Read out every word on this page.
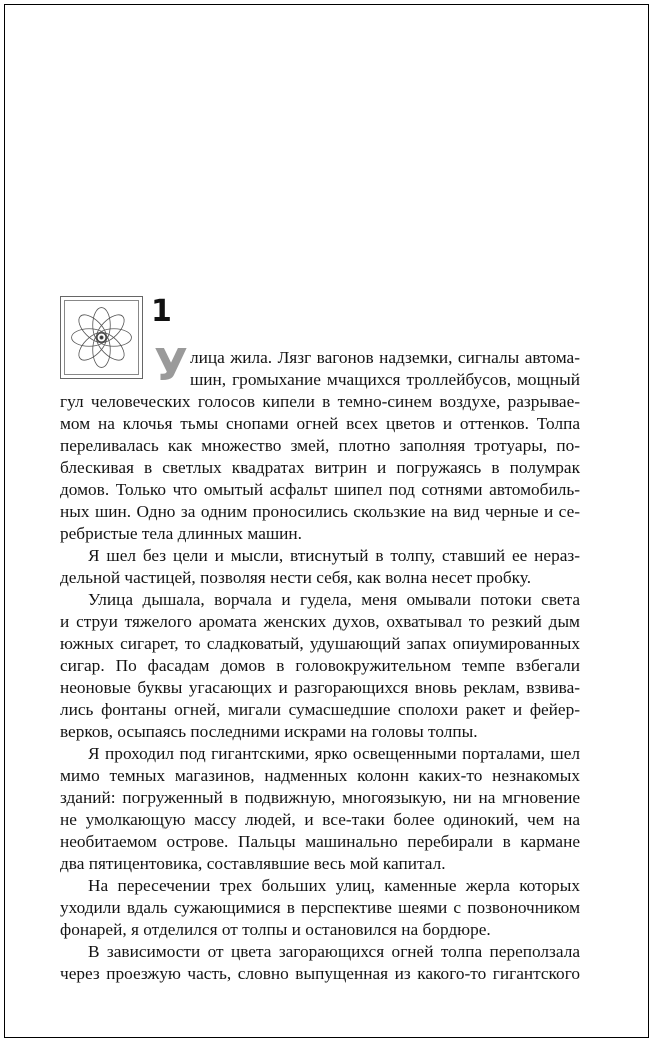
1
У лица жила. Лязг вагонов надземки, сигналы автома-
шин, громыхание мчащихся троллейбусов, мощный
гул человеческих голосов кипели в темно-синем воздухе, разрывае-
мом на клочья тьмы снопами огней всех цветов и оттенков. Толпа
переливалась как множество змей, плотно заполняя тротуары, по-
блескивая в светлых квадратах витрин и погружаясь в полумрак
домов. Только что омытый асфальт шипел под сотнями автомобиль-
ных шин. Одно за одним проносились скользкие на вид черные и се-
ребристые тела длинных машин.
Я шел без цели и мысли, втиснутый в толпу, ставший ее нерaз-
дельной частицей, позволяя нести себя, как волна несет пробку.
Улица дышала, ворчала и гудела, меня омывали потоки света
и струи тяжелого аромата женских духов, охватывал то резкий дым
южных сигарет, то сладковатый, удушающий запах опиумированных
сигар. По фасадам домов в головокружительном темпе взбегали
неоновые буквы угасающих и разгорающихся вновь реклам, взвива-
лись фонтаны огней, мигали сумасшедшие сполохи ракет и фейер-
верков, осыпаясь последними искрами на головы толпы.
Я проходил под гигантскими, ярко освещенными порталами, шел
мимо темных магазинов, надменных колонн каких-то незнакомых
зданий: погруженный в подвижную, многоязыкую, ни на мгновение
не умолкающую массу людей, и все-таки более одинокий, чем на
необитаемом острове. Пальцы машинально перебирали в кармане
два пятицентовика, составлявшие весь мой капитал.
На пересечении трех больших улиц, каменные жерла которых
уходили вдаль сужающимися в перспективе шеями с позвоночником
фонарей, я отделился от толпы и остановился на бордюре.
В зависимости от цвета загорающихся огней толпа переползала
через проезжую часть, словно выпущенная из какого-то гигантского
